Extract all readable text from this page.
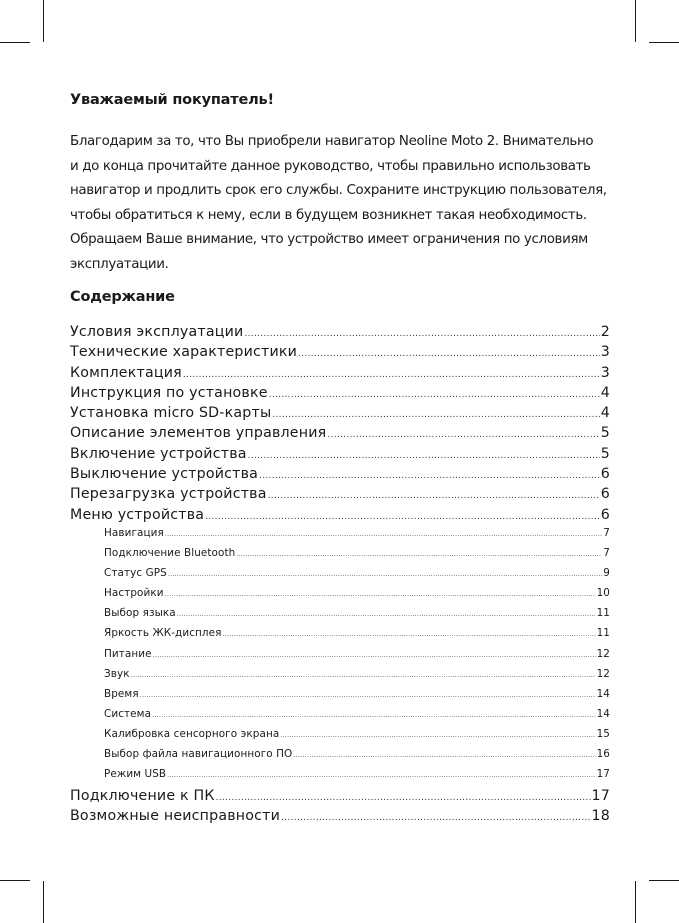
Уважаемый покупатель!

Благодарим за то, что Вы приобрели навигатор Neoline Moto 2. Внимательно

и до конца прочитайте данное руководство, чтобы правильно использовать

навигатор и продлить срок его службы. Сохраните инструкцию пользователя,

чтобы обратиться к нему, если в будущем возникнет такая необходимость.

Обращаем Ваше внимание, что устройство имеет ограничения по условиям

эксплуатации.

Содержание
Условия эксплуатации .....	2
Технические характеристики .....	3
Комплектация .....	3
Инструкция по установке .....	4
Установка micro SD-карты .....	4
Описание элементов управления .....	5
Включение устройства .....	5
Выключение устройства .....	6
Перезагрузка устройства .....	6
Меню устройства .....	6
Навигация .....	7
Подключение Bluetooth .....	7
Статус GPS .....	9
Настройки .....	10
Выбор языка .....	11
Яркость ЖК-дисплея .....	11
Питание .....	12
Звук .....	12
Время .....	14
Система .....	14
Калибровка сенсорного экрана .....	15
Выбор файла навигационного ПО .....	16
Режим USB .....	17
Подключение к ПК .....	17
Возможные неисправности .....	18
